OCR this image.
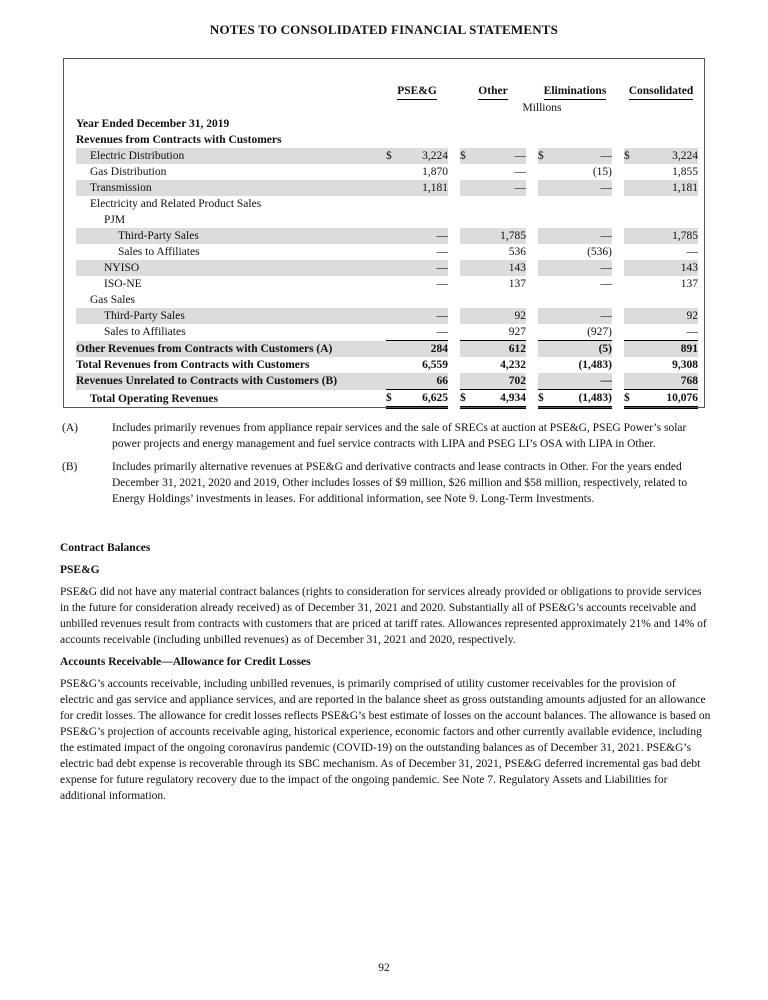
NOTES TO CONSOLIDATED FINANCIAL STATEMENTS
	PSE&G			Other			Eliminations			Consolidated	
	Millions										
Year Ended December 31, 2019											
Revenues from Contracts with Customers											
Electric Distribution	$	3,224		$	—		$	—		$	3,224
Gas Distribution		1,870			—			(15)			1,855
Transmission		1,181			—			—			1,181
Electricity and Related Product Sales											
PJM											
Third-Party Sales		—			1,785			—			1,785
Sales to Affiliates		—			536			(536)			—
NYISO		—			143			—			143
ISO-NE		—			137			—			137
Gas Sales											
Third-Party Sales		—			92			—			92
Sales to Affiliates		—			927			(927)			—
Other Revenues from Contracts with Customers (A)		284			612			(5)			891
Total Revenues from Contracts with Customers		6,559			4,232			(1,483)			9,308
Revenues Unrelated to Contracts with Customers (B)		66			702			—			768
Total Operating Revenues	$	6,625		$	4,934		$	(1,483)		$	10,076
(A)	Includes primarily revenues from appliance repair services and the sale of SRECs at auction at PSE&G, PSEG Power’s solar power projects and energy management and fuel service contracts with LIPA and PSEG LI’s OSA with LIPA in Other.
(B)	Includes primarily alternative revenues at PSE&G and derivative contracts and lease contracts in Other. For the years ended December 31, 2021, 2020 and 2019, Other includes losses of $9 million, $26 million and $58 million, respectively, related to Energy Holdings’ investments in leases. For additional information, see Note 9. Long-Term Investments.
Contract Balances
PSE&G

PSE&G did not have any material contract balances (rights to consideration for services already provided or obligations to provide services in the future for consideration already received) as of December 31, 2021 and 2020. Substantially all of PSE&G’s accounts receivable and unbilled revenues result from contracts with customers that are priced at tariff rates. Allowances represented approximately 21% and 14% of accounts receivable (including unbilled revenues) as of December 31, 2021 and 2020, respectively.

Accounts Receivable—Allowance for Credit Losses

PSE&G’s accounts receivable, including unbilled revenues, is primarily comprised of utility customer receivables for the provision of electric and gas service and appliance services, and are reported in the balance sheet as gross outstanding amounts adjusted for an allowance for credit losses. The allowance for credit losses reflects PSE&G’s best estimate of losses on the account balances. The allowance is based on PSE&G’s projection of accounts receivable aging, historical experience, economic factors and other currently available evidence, including the estimated impact of the ongoing coronavirus pandemic (COVID-19) on the outstanding balances as of December 31, 2021. PSE&G’s electric bad debt expense is recoverable through its SBC mechanism. As of December 31, 2021, PSE&G deferred incremental gas bad debt expense for future regulatory recovery due to the impact of the ongoing pandemic. See Note 7. Regulatory Assets and Liabilities for additional information.

92
